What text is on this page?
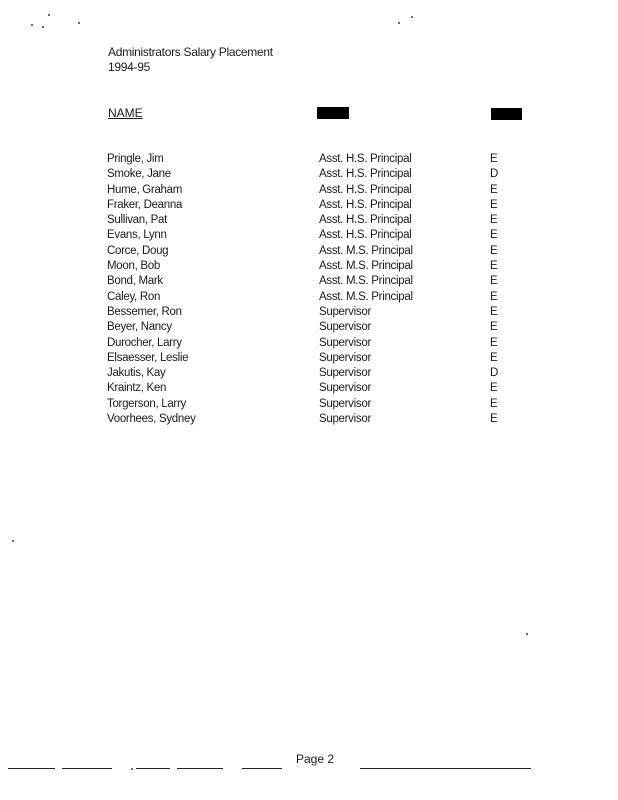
Administrators Salary Placement
1994-95
NAME
Pringle, Jim	Asst. H.S. Principal	E
Smoke, Jane	Asst. H.S. Principal	D
Hume, Graham	Asst. H.S. Principal	E
Fraker, Deanna	Asst. H.S. Principal	E
Sullivan, Pat	Asst. H.S. Principal	E
Evans, Lynn	Asst. H.S. Principal	E
Corce, Doug	Asst. M.S. Principal	E
Moon, Bob	Asst. M.S. Principal	E
Bond, Mark	Asst. M.S. Principal	E
Caley, Ron	Asst. M.S. Principal	E
Bessemer, Ron	Supervisor	E
Beyer, Nancy	Supervisor	E
Durocher, Larry	Supervisor	E
Elsaesser, Leslie	Supervisor	E
Jakutis, Kay	Supervisor	D
Kraintz, Ken	Supervisor	E
Torgerson, Larry	Supervisor	E
Voorhees, Sydney	Supervisor	E
Page 2
